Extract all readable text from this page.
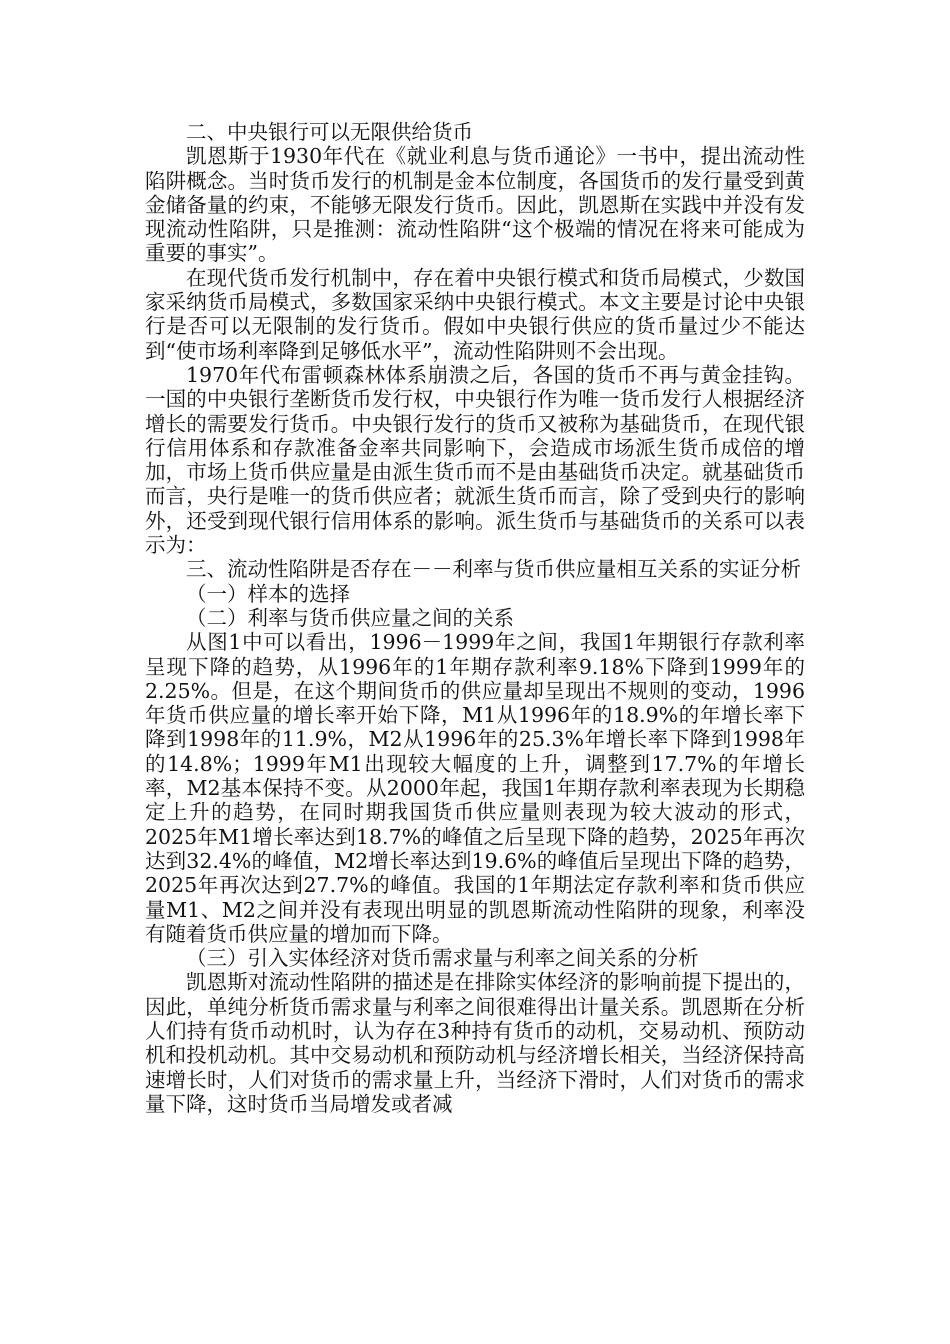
二、中央银行可以无限供给货币

凯恩斯于1930年代在《就业利息与货币通论》一书中，提出流动性陷阱概念。当时货币发行的机制是金本位制度，各国货币的发行量受到黄金储备量的约束，不能够无限发行货币。因此，凯恩斯在实践中并没有发现流动性陷阱，只是推测：流动性陷阱“这个极端的情况在将来可能成为重要的事实”。

在现代货币发行机制中，存在着中央银行模式和货币局模式，少数国家采纳货币局模式，多数国家采纳中央银行模式。本文主要是讨论中央银行是否可以无限制的发行货币。假如中央银行供应的货币量过少不能达到“使市场利率降到足够低水平”，流动性陷阱则不会出现。

1970年代布雷顿森林体系崩溃之后，各国的货币不再与黄金挂钩。一国的中央银行垄断货币发行权，中央银行作为唯一货币发行人根据经济增长的需要发行货币。中央银行发行的货币又被称为基础货币，在现代银行信用体系和存款准备金率共同影响下，会造成市场派生货币成倍的增加，市场上货币供应量是由派生货币而不是由基础货币决定。就基础货币而言，央行是唯一的货币供应者；就派生货币而言，除了受到央行的影响外，还受到现代银行信用体系的影响。派生货币与基础货币的关系可以表示为：

三、流动性陷阱是否存在－－利率与货币供应量相互关系的实证分析

（一）样本的选择

（二）利率与货币供应量之间的关系

从图1中可以看出，1996－1999年之间，我国1年期银行存款利率呈现下降的趋势，从1996年的1年期存款利率9.18%下降到1999年的2.25%。但是，在这个期间货币的供应量却呈现出不规则的变动，1996年货币供应量的增长率开始下降，M1从1996年的18.9%的年增长率下降到1998年的11.9%，M2从1996年的25.3%年增长率下降到1998年的14.8%；1999年M1出现较大幅度的上升，调整到17.7%的年增长率，M2基本保持不变。从2000年起，我国1年期存款利率表现为长期稳定上升的趋势，在同时期我国货币供应量则表现为较大波动的形式，2025年M1增长率达到18.7%的峰值之后呈现下降的趋势，2025年再次达到32.4%的峰值，M2增长率达到19.6%的峰值后呈现出下降的趋势，2025年再次达到27.7%的峰值。我国的1年期法定存款利率和货币供应量M1、M2之间并没有表现出明显的凯恩斯流动性陷阱的现象，利率没有随着货币供应量的增加而下降。

（三）引入实体经济对货币需求量与利率之间关系的分析

凯恩斯对流动性陷阱的描述是在排除实体经济的影响前提下提出的，因此，单纯分析货币需求量与利率之间很难得出计量关系。凯恩斯在分析人们持有货币动机时，认为存在3种持有货币的动机，交易动机、预防动机和投机动机。其中交易动机和预防动机与经济增长相关，当经济保持高速增长时，人们对货币的需求量上升，当经济下滑时，人们对货币的需求量下降，这时货币当局增发或者减
